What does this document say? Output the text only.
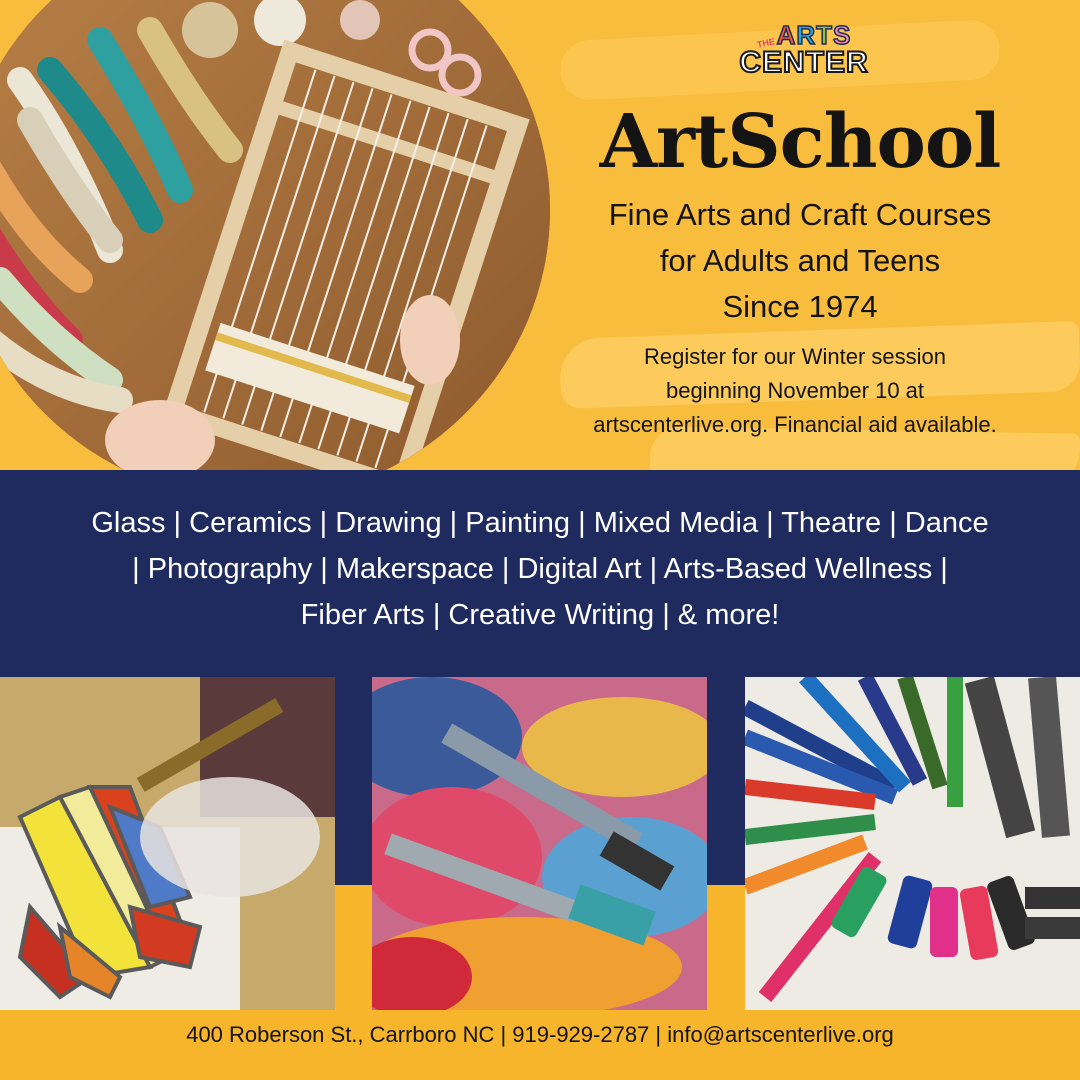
THE ARTS
CENTER
ArtSchool
Fine Arts and Craft Courses
for Adults and Teens
Since 1974
Register for our Winter session
beginning November 10 at
artscenterlive.org. Financial aid available.
Glass | Ceramics | Drawing | Painting | Mixed Media | Theatre | Dance
| Photography | Makerspace | Digital Art | Arts-Based Wellness |
Fiber Arts | Creative Writing | & more!
400 Roberson St., Carrboro NC | 919-929-2787 | info@artscenterlive.org
